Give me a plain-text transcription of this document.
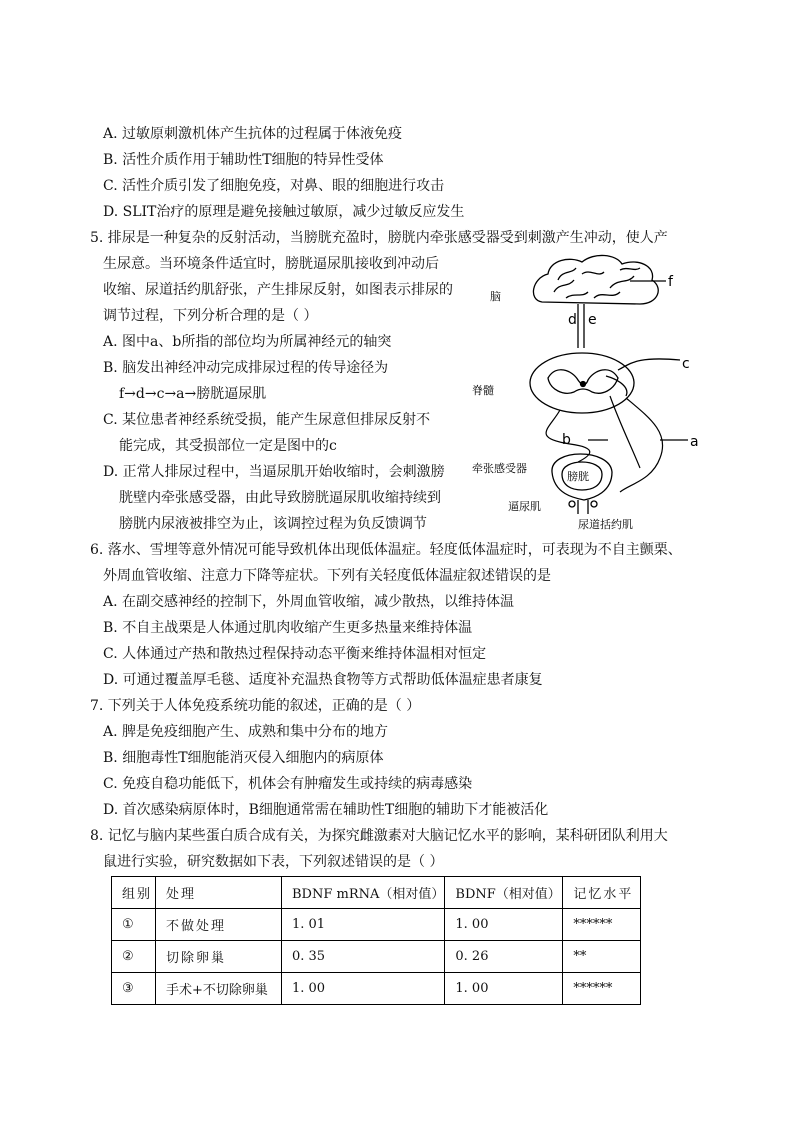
A. 过敏原刺激机体产生抗体的过程属于体液免疫
B. 活性介质作用于辅助性T细胞的特异性受体
C. 活性介质引发了细胞免疫，对鼻、眼的细胞进行攻击
D. SLIT治疗的原理是避免接触过敏原，减少过敏反应发生
5. 排尿是一种复杂的反射活动，当膀胱充盈时，膀胱内牵张感受器受到刺激产生冲动，使人产
生尿意。当环境条件适宜时，膀胱逼尿肌接收到冲动后
收缩、尿道括约肌舒张，产生排尿反射，如图表示排尿的
调节过程，下列分析合理的是（ ）
A. 图中a、b所指的部位均为所属神经元的轴突
B. 脑发出神经冲动完成排尿过程的传导途径为
f→d→c→a→膀胱逼尿肌
C. 某位患者神经系统受损，能产生尿意但排尿反射不
能完成，其受损部位一定是图中的c
D. 正常人排尿过程中，当逼尿肌开始收缩时，会刺激膀
胱壁内牵张感受器，由此导致膀胱逼尿肌收缩持续到
膀胱内尿液被排空为止，该调控过程为负反馈调节
脑
f
d e
脊髓
c
b	a
膀胱
牵张感受器
逼尿肌
尿道括约肌
6. 落水、雪埋等意外情况可能导致机体出现低体温症。轻度低体温症时，可表现为不自主颤栗、
外周血管收缩、注意力下降等症状。下列有关轻度低体温症叙述错误的是
A. 在副交感神经的控制下，外周血管收缩，减少散热，以维持体温
B. 不自主战栗是人体通过肌肉收缩产生更多热量来维持体温
C. 人体通过产热和散热过程保持动态平衡来维持体温相对恒定
D. 可通过覆盖厚毛毯、适度补充温热食物等方式帮助低体温症患者康复
7. 下列关于人体免疫系统功能的叙述，正确的是（ ）
A. 脾是免疫细胞产生、成熟和集中分布的地方
B. 细胞毒性T细胞能消灭侵入细胞内的病原体
C. 免疫自稳功能低下，机体会有肿瘤发生或持续的病毒感染
D. 首次感染病原体时，B细胞通常需在辅助性T细胞的辅助下才能被活化
8. 记忆与脑内某些蛋白质合成有关，为探究雌激素对大脑记忆水平的影响，某科研团队利用大
鼠进行实验，研究数据如下表，下列叙述错误的是（ ）
组别	处理	BDNF mRNA（相对值）	BDNF（相对值）	记忆水平
①	不做处理	1. 01	1. 00	******
②	切除卵巢	0. 35	0. 26	**
③	手术+不切除卵巢	1. 00	1. 00	******
